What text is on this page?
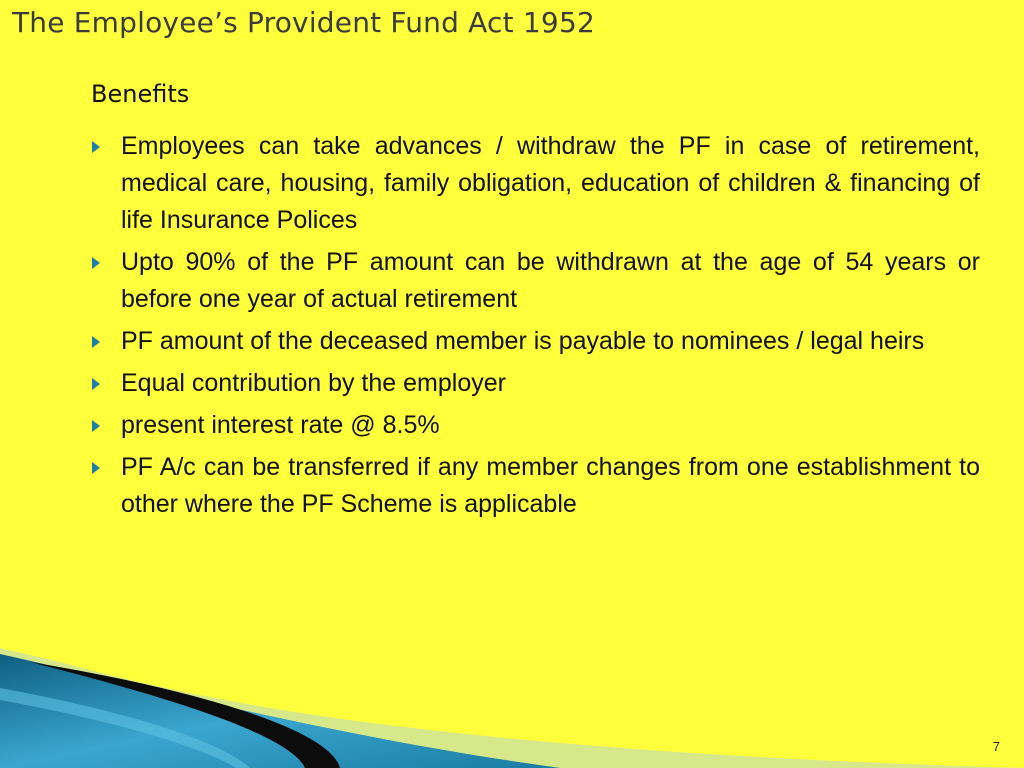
The Employee’s Provident Fund Act 1952
Benefits
Employees can take advances / withdraw the PF in case of retirement, medical care, housing, family obligation, education of children & financing of life Insurance Polices
Upto 90% of the PF amount can be withdrawn at the age of 54 years or before one year of actual retirement
PF amount of the deceased member is payable to nominees / legal heirs
Equal contribution by the employer
present interest rate @ 8.5%
PF A/c can be transferred if any member changes from one establishment to other where the PF Scheme is applicable
7
